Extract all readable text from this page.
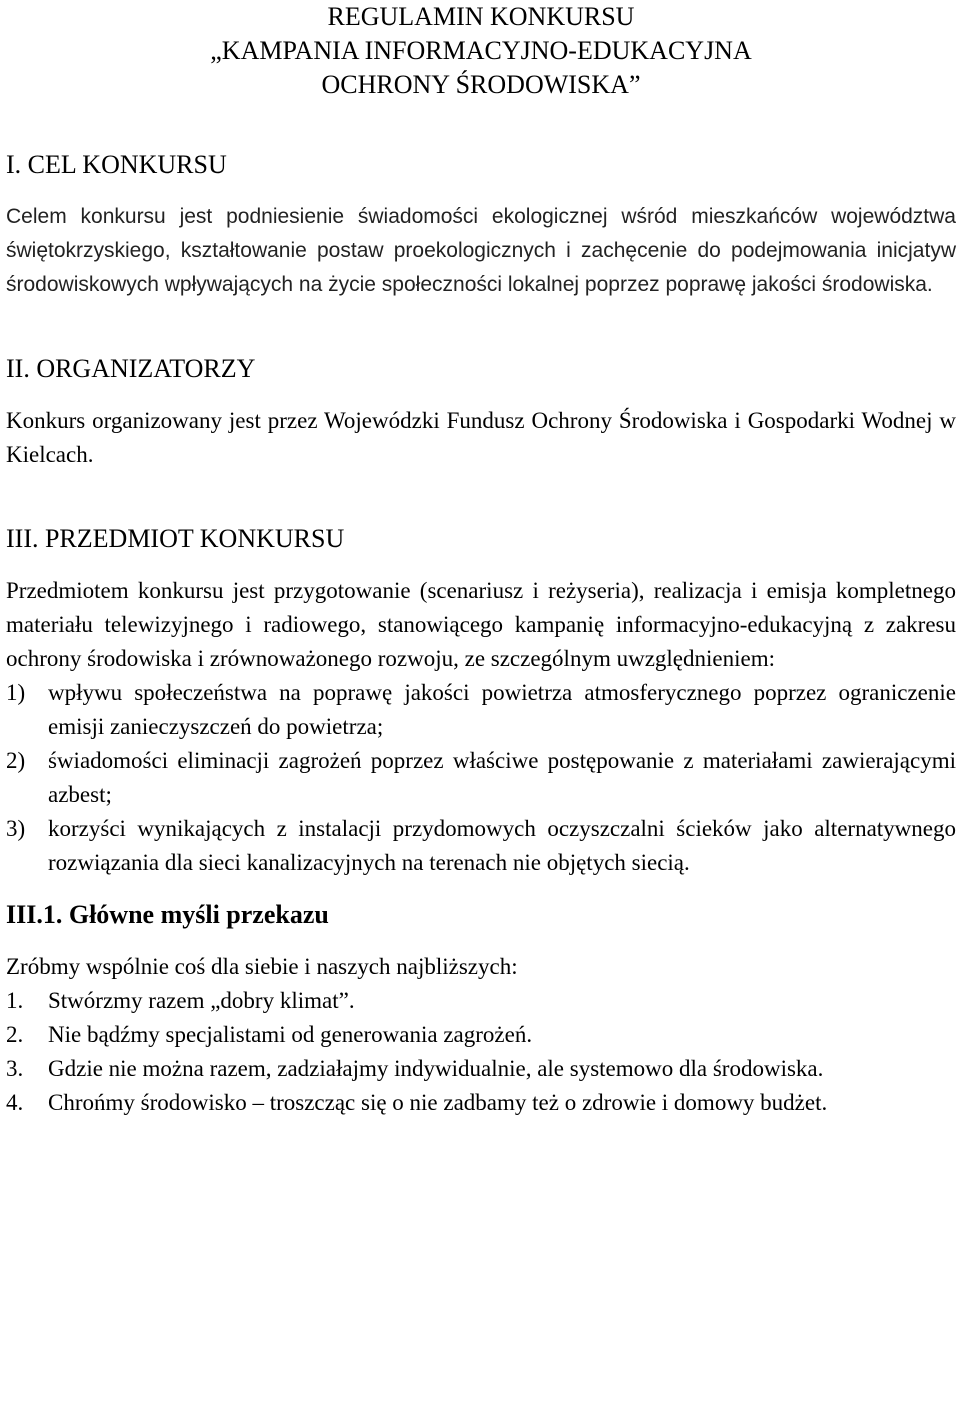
REGULAMIN KONKURSU
„KAMPANIA INFORMACYJNO-EDUKACYJNA
OCHRONY ŚRODOWISKA”
I. CEL KONKURSU

Celem konkursu jest podniesienie świadomości ekologicznej wśród mieszkańców województwa świętokrzyskiego, kształtowanie postaw proekologicznych i zachęcenie do podejmowania inicjatyw środowiskowych wpływających na życie społeczności lokalnej poprzez poprawę jakości środowiska.

II. ORGANIZATORZY

Konkurs organizowany jest przez Wojewódzki Fundusz Ochrony Środowiska i Gospodarki Wodnej w Kielcach.

III. PRZEDMIOT KONKURSU

Przedmiotem konkursu jest przygotowanie (scenariusz i reżyseria), realizacja i emisja kompletnego materiału telewizyjnego i radiowego, stanowiącego kampanię informacyjno-edukacyjną z zakresu ochrony środowiska i zrównoważonego rozwoju, ze szczególnym uwzględnieniem:

1) wpływu społeczeństwa na poprawę jakości powietrza atmosferycznego poprzez ograniczenie emisji zanieczyszczeń do powietrza;
2) świadomości eliminacji zagrożeń poprzez właściwe postępowanie z materiałami zawierającymi azbest;
3) korzyści wynikających z instalacji przydomowych oczyszczalni ścieków jako alternatywnego rozwiązania dla sieci kanalizacyjnych na terenach nie objętych siecią.
III.1. Główne myśli przekazu

Zróbmy wspólnie coś dla siebie i naszych najbliższych:

1. Stwórzmy razem „dobry klimat”.
2. Nie bądźmy specjalistami od generowania zagrożeń.
3. Gdzie nie można razem, zadziałajmy indywidualnie, ale systemowo dla środowiska.
4. Chrońmy środowisko – troszcząc się o nie zadbamy też o zdrowie i domowy budżet.
